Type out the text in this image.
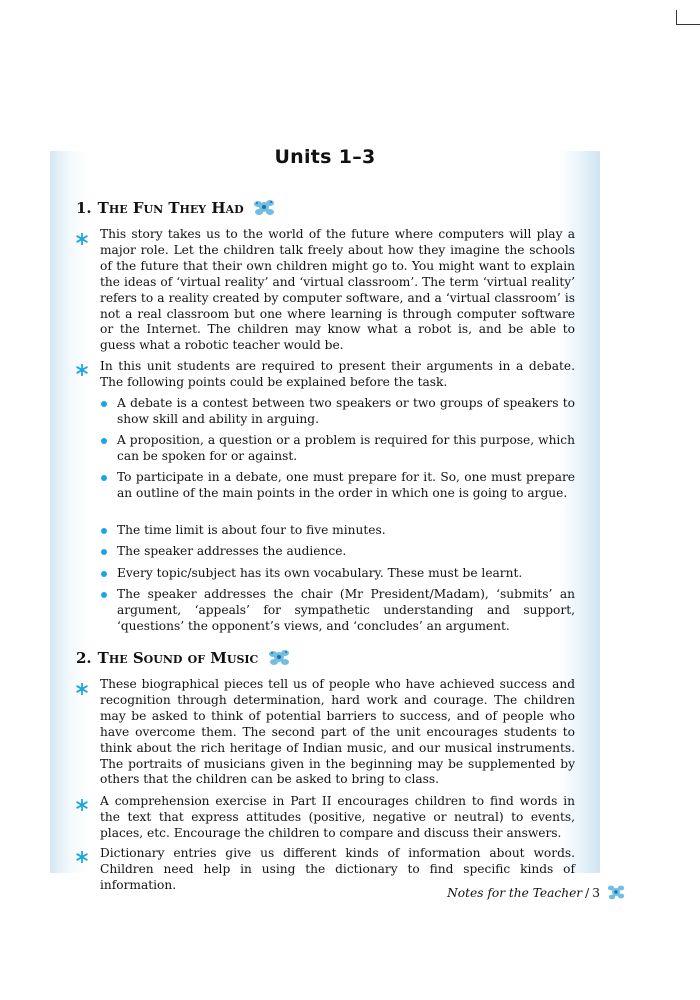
Units 1–3
1. The Fun They Had
This story takes us to the world of the future where computers will play a major role. Let the children talk freely about how they imagine the schools of the future that their own children might go to. You might want to explain the ideas of ‘virtual reality’ and ‘virtual classroom’. The term ‘virtual reality’ refers to a reality created by computer software, and a ‘virtual classroom’ is not a real classroom but one where learning is through computer software or the Internet. The children may know what a robot is, and be able to guess what a robotic teacher would be.
In this unit students are required to present their arguments in a debate. The following points could be explained before the task.
A debate is a contest between two speakers or two groups of speakers to show skill and ability in arguing.
A proposition, a question or a problem is required for this purpose, which can be spoken for or against.
To participate in a debate, one must prepare for it. So, one must prepare an outline of the main points in the order in which one is going to argue.
The time limit is about four to five minutes.
The speaker addresses the audience.
Every topic/subject has its own vocabulary. These must be learnt.
The speaker addresses the chair (Mr President/Madam), ‘submits’ an argument, ‘appeals’ for sympathetic understanding and support, ‘questions’ the opponent’s views, and ‘concludes’ an argument.
2. The Sound of Music
These biographical pieces tell us of people who have achieved success and recognition through determination, hard work and courage. The children may be asked to think of potential barriers to success, and of people who have overcome them. The second part of the unit encourages students to think about the rich heritage of Indian music, and our musical instruments. The portraits of musicians given in the beginning may be supplemented by others that the children can be asked to bring to class.
A comprehension exercise in Part II encourages children to find words in the text that express attitudes (positive, negative or neutral) to events, places, etc. Encourage the children to compare and discuss their answers.
Dictionary entries give us different kinds of information about words. Children need help in using the dictionary to find specific kinds of information.
Notes for the Teacher / 3
